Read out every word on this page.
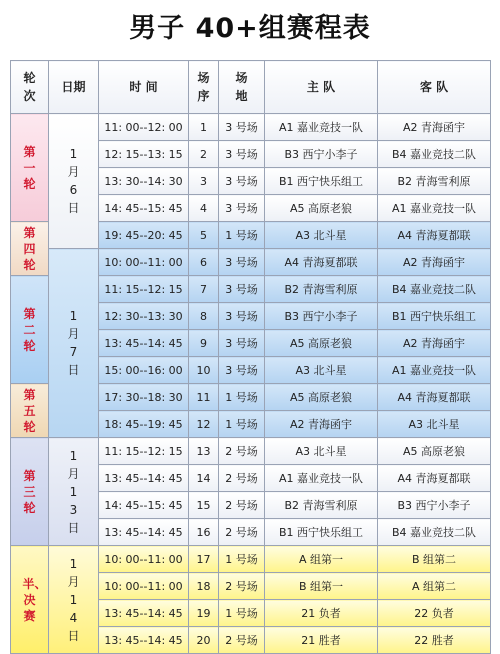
男子 40+组赛程表
轮次	日期	时 间	场序	场地	主 队	客 队
第一轮	1月6日	11: 00--12: 00	1	3 号场	A1 嘉业竞技一队	A2 青海函宇
		12: 15--13: 15	2	3 号场	B3 西宁小李子	B4 嘉业竞技二队
		13: 30--14: 30	3	3 号场	B1 西宁快乐组工	B2 青海雪利原
		14: 45--15: 45	4	3 号场	A5 高原老狼	A1 嘉业竞技一队
第四轮		19: 45--20: 45	5	1 号场	A3 北斗星	A4 青海夏都联
	1月7日	10: 00--11: 00	6	3 号场	A4 青海夏都联	A2 青海函宇
第二轮		11: 15--12: 15	7	3 号场	B2 青海雪利原	B4 嘉业竞技二队
		12: 30--13: 30	8	3 号场	B3 西宁小李子	B1 西宁快乐组工
		13: 45--14: 45	9	3 号场	A5 高原老狼	A2 青海函宇
		15: 00--16: 00	10	3 号场	A3 北斗星	A1 嘉业竞技一队
第五轮		17: 30--18: 30	11	1 号场	A5 高原老狼	A4 青海夏都联
		18: 45--19: 45	12	1 号场	A2 青海函宇	A3 北斗星
第三轮	1月13日	11: 15--12: 15	13	2 号场	A3 北斗星	A5 高原老狼
		13: 45--14: 45	14	2 号场	A1 嘉业竞技一队	A4 青海夏都联
		14: 45--15: 45	15	2 号场	B2 青海雪利原	B3 西宁小李子
		13: 45--14: 45	16	2 号场	B1 西宁快乐组工	B4 嘉业竞技二队
半、决赛	1月14日	10: 00--11: 00	17	1 号场	A 组第一	B 组第二
		10: 00--11: 00	18	2 号场	B 组第一	A 组第二
		13: 45--14: 45	19	1 号场	21 负者	22 负者
		13: 45--14: 45	20	2 号场	21 胜者	22 胜者
